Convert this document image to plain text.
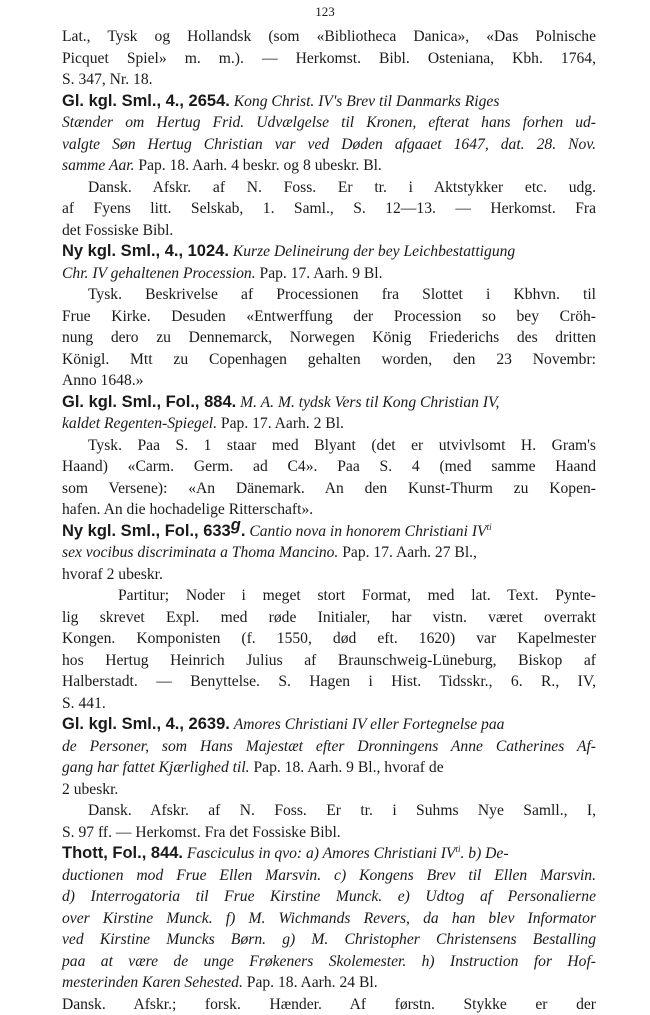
123
Lat., Tysk og Hollandsk (som «Bibliotheca Danica», «Das Polnische
Picquet Spiel» m. m.). — Herkomst. Bibl. Osteniana, Kbh. 1764,
S. 347, Nr. 18.
Gl. kgl. Sml., 4., 2654. Kong Christ. IV's Brev til Danmarks Riges
Stænder om Hertug Frid. Udvælgelse til Kronen, efterat hans forhen ud-
valgte Søn Hertug Christian var ved Døden afgaaet 1647, dat. 28. Nov.
samme Aar. Pap. 18. Aarh. 4 beskr. og 8 ubeskr. Bl.
Dansk. Afskr. af N. Foss. Er tr. i Aktstykker etc. udg.
af Fyens litt. Selskab, 1. Saml., S. 12—13. — Herkomst. Fra
det Fossiske Bibl.
Ny kgl. Sml., 4., 1024. Kurze Delineirung der bey Leichbestattigung
Chr. IV gehaltenen Procession. Pap. 17. Aarh. 9 Bl.
Tysk. Beskrivelse af Processionen fra Slottet i Kbhvn. til
Frue Kirke. Desuden «Entwerffung der Procession so bey Cröh-
nung dero zu Dennemarck, Norwegen König Friederichs des dritten
Königl. Mtt zu Copenhagen gehalten worden, den 23 Novembr:
Anno 1648.»
Gl. kgl. Sml., Fol., 884. M. A. M. tydsk Vers til Kong Christian IV,
kaldet Regenten-Spiegel. Pap. 17. Aarh. 2 Bl.
Tysk. Paa S. 1 staar med Blyant (det er utvivlsomt H. Gram's
Haand) «Carm. Germ. ad C4». Paa S. 4 (med samme Haand
som Versene): «An Dänemark. An den Kunst-Thurm zu Kopen-
hafen. An die hochadelige Ritterschaft».
Ny kgl. Sml., Fol., 633$^g$. Cantio nova in honorem Christiani $IV^{ti}$
sex vocibus discriminata a Thoma Mancino. Pap. 17. Aarh. 27 Bl.,
hvoraf 2 ubeskr.
Partitur; Noder i meget stort Format, med lat. Text. Pynte-
lig skrevet Expl. med røde Initialer, har vistn. været overrakt
Kongen. Komponisten (f. 1550, død eft. 1620) var Kapelmester
hos Hertug Heinrich Julius af Braunschweig-Lüneburg, Biskop af
Halberstadt. — Benyttelse. S. Hagen i Hist. Tidsskr., 6. R., IV,
S. 441.
Gl. kgl. Sml., 4., 2639. Amores Christiani IV eller Fortegnelse paa
de Personer, som Hans Majestæt efter Dronningens Anne Catherines Af-
gang har fattet Kjærlighed til. Pap. 18. Aarh. 9 Bl., hvoraf de
2 ubeskr.
Dansk. Afskr. af N. Foss. Er tr. i Suhms Nye Samll., I,
S. 97 ff. — Herkomst. Fra det Fossiske Bibl.
Thott, Fol., 844. Fasciculus in qvo: a) Amores Christiani $IV^{ti}$. b) De-
ductionen mod Frue Ellen Marsvin. c) Kongens Brev til Ellen Marsvin.
d) Interrogatoria til Frue Kirstine Munck. e) Udtog af Personalierne
over Kirstine Munck. f) M. Wichmands Revers, da han blev Informator
ved Kirstine Muncks Børn. g) M. Christopher Christensens Bestalling
paa at være de unge Frøkeners Skolemester. h) Instruction for Hof-
mesterinden Karen Sehested. Pap. 18. Aarh. 24 Bl.
Dansk. Afskr.; forsk. Hænder. Af førstn. Stykke er der
